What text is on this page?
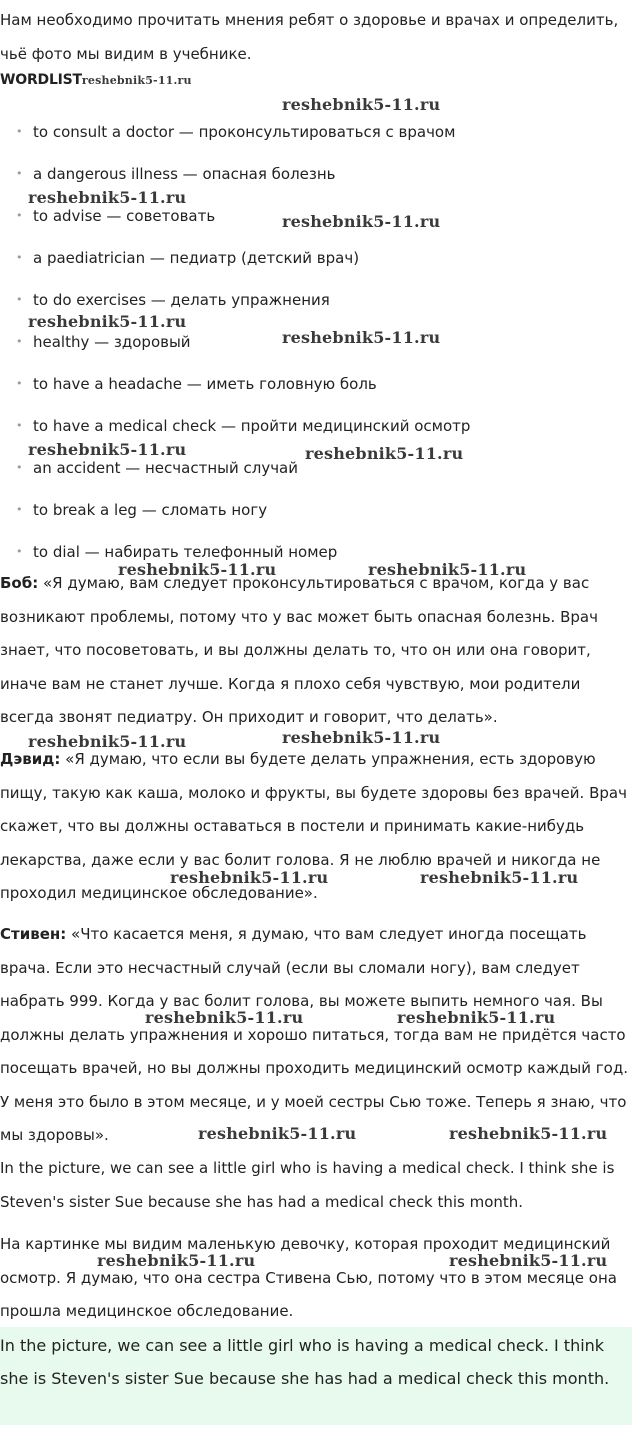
Нам необходимо прочитать мнения ребят о здоровье и врачах и определить, чьё фото мы видим в учебнике.
WORDLISTreshebnik5-11.ru
• to consult a doctor — проконсультироваться с врачом
• a dangerous illness — опасная болезнь
• to advise — советовать
• a paediatrician — педиатр (детский врач)
• to do exercises — делать упражнения
• healthy — здоровый
• to have a headache — иметь головную боль
• to have a medical check — пройти медицинский осмотр
• an accident — несчастный случай
• to break a leg — сломать ногу
• to dial — набирать телефонный номер
Боб: «Я думаю, вам следует проконсультироваться с врачом, когда у вас возникают проблемы, потому что у вас может быть опасная болезнь. Врач знает, что посоветовать, и вы должны делать то, что он или она говорит, иначе вам не станет лучше. Когда я плохо себя чувствую, мои родители всегда звонят педиатру. Он приходит и говорит, что делать».
Дэвид: «Я думаю, что если вы будете делать упражнения, есть здоровую пищу, такую как каша, молоко и фрукты, вы будете здоровы без врачей. Врач скажет, что вы должны оставаться в постели и принимать какие-нибудь лекарства, даже если у вас болит голова. Я не люблю врачей и никогда не проходил медицинское обследование».
Стивен: «Что касается меня, я думаю, что вам следует иногда посещать врача. Если это несчастный случай (если вы сломали ногу), вам следует набрать 999. Когда у вас болит голова, вы можете выпить немного чая. Вы должны делать упражнения и хорошо питаться, тогда вам не придётся часто посещать врачей, но вы должны проходить медицинский осмотр каждый год. У меня это было в этом месяце, и у моей сестры Сью тоже. Теперь я знаю, что мы здоровы».
In the picture, we can see a little girl who is having a medical check. I think she is Steven's sister Sue because she has had a medical check this month.
На картинке мы видим маленькую девочку, которая проходит медицинский осмотр. Я думаю, что она сестра Стивена Сью, потому что в этом месяце она прошла медицинское обследование.
In the picture, we can see a little girl who is having a medical check. I think she is Steven's sister Sue because she has had a medical check this month.
reshebnik5-11.ru
reshebnik5-11.ru
reshebnik5-11.ru
reshebnik5-11.ru
reshebnik5-11.ru
reshebnik5-11.ru	reshebnik5-11.ru
reshebnik5-11.ru	reshebnik5-11.ru
reshebnik5-11.ru	reshebnik5-11.ru
reshebnik5-11.ru	reshebnik5-11.ru
reshebnik5-11.ru	reshebnik5-11.ru
reshebnik5-11.ru	reshebnik5-11.ru
reshebnik5-11.ru	reshebnik5-11.ru
